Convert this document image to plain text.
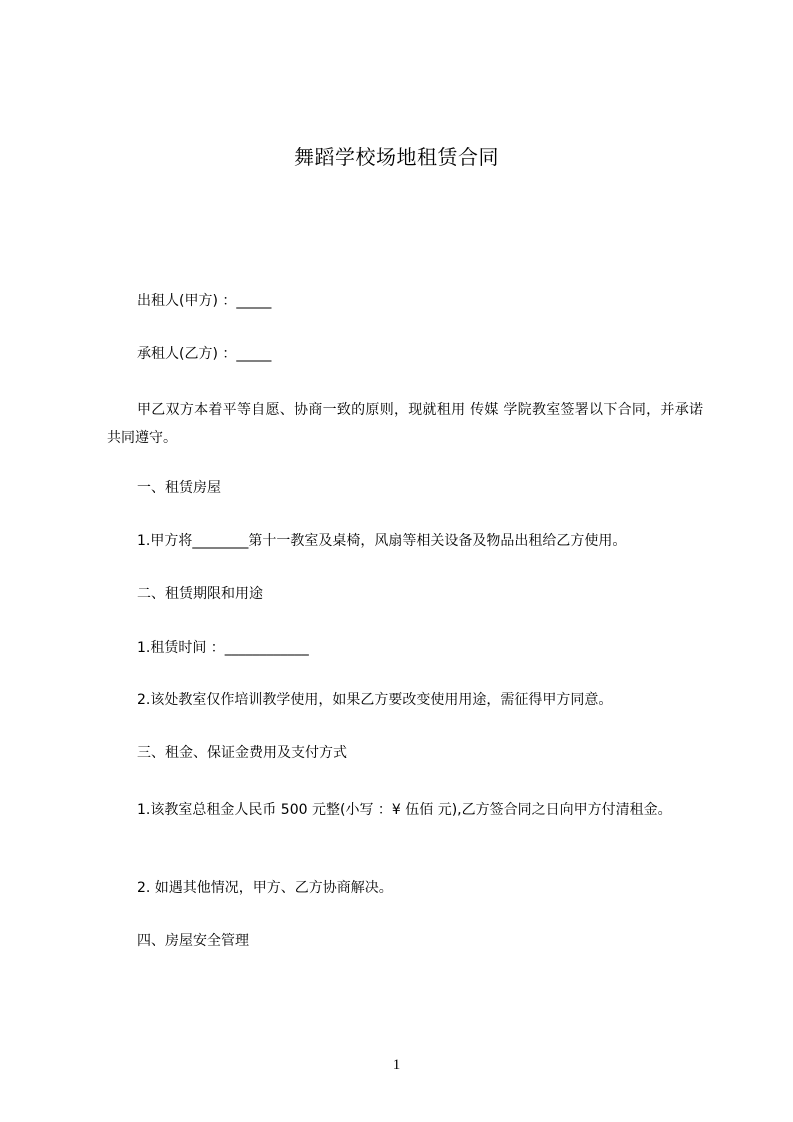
舞蹈学校场地租赁合同
出租人(甲方) ：_____
承租人(乙方) ：_____
甲乙双方本着平等自愿、协商一致的原则，现就租用 传媒 学院教室签署以下合同，并承诺共同遵守。
一、租赁房屋
1.甲方将________第十一教室及桌椅，风扇等相关设备及物品出租给乙方使用。
二、租赁期限和用途
1.租赁时间 ：____________
2.该处教室仅作培训教学使用，如果乙方要改变使用用途，需征得甲方同意。
三、租金、保证金费用及支付方式
1.该教室总租金人民币 500 元整(小写 ：¥ 伍佰 元),乙方签合同之日向甲方付清租金。
2. 如遇其他情况，甲方、乙方协商解决。
四、房屋安全管理
1
